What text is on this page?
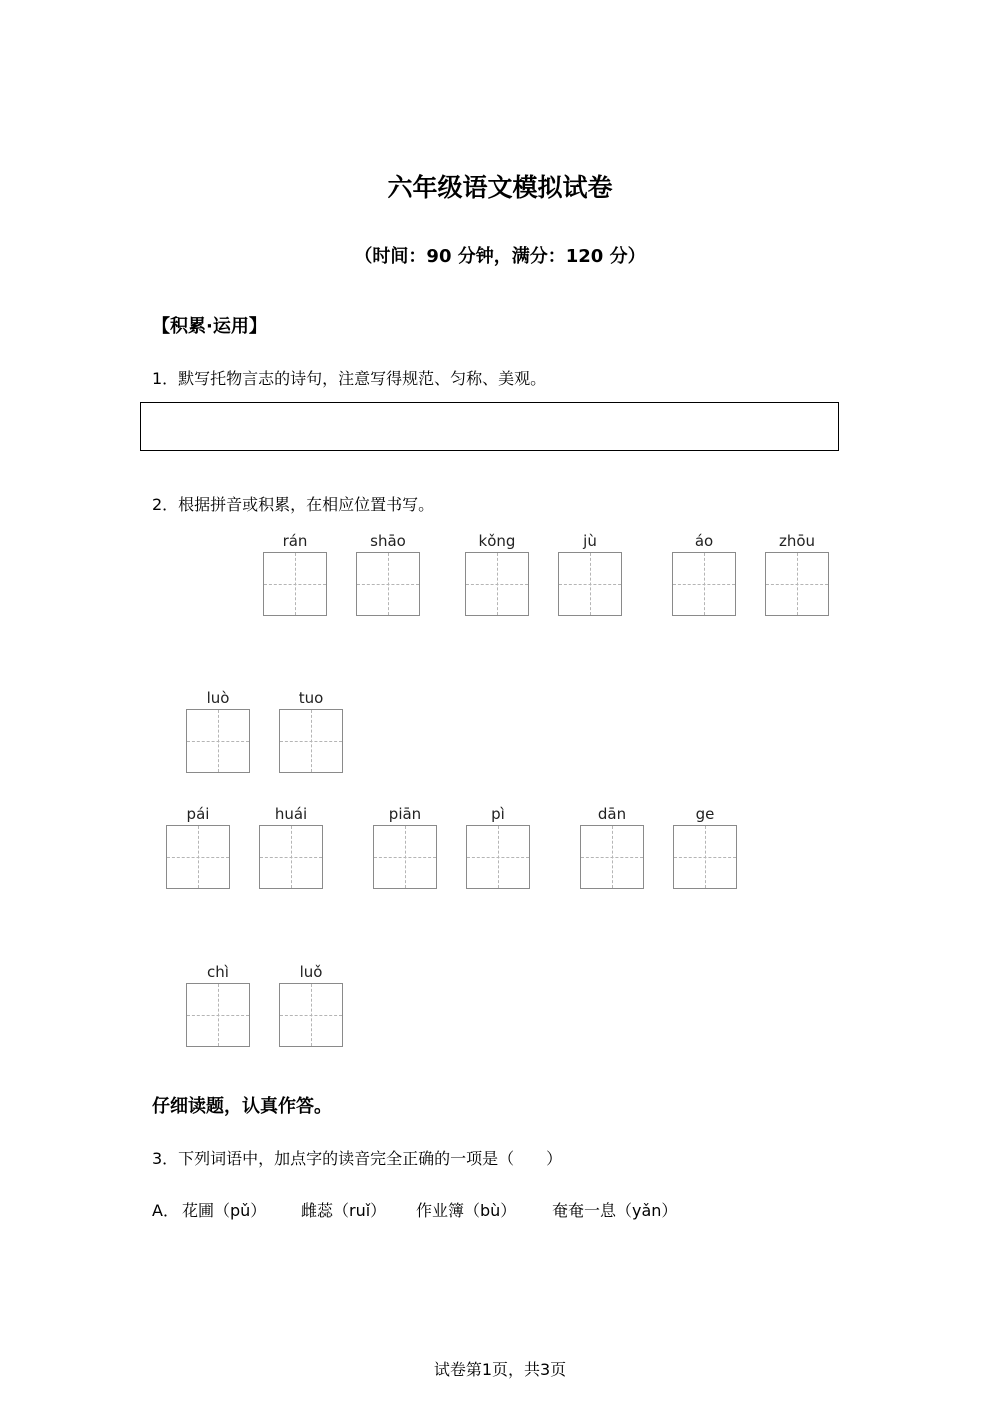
六年级语文模拟试卷
（时间：90 分钟，满分：120 分）
【积累·运用】
1．默写托物言志的诗句，注意写得规范、匀称、美观。
2．根据拼音或积累，在相应位置书写。
rán	shāo	kǒng	jù	áo	zhōu
luò	tuo
pái	huái	piān	pì	dān	ge
chì	luǒ
仔细读题，认真作答。
3．下列词语中，加点字的读音完全正确的一项是（　　）
A． 花圃（pǔ） 雌蕊（ruǐ） 作业簿（bù） 奄奄一息（yǎn）
试卷第1页，共3页
